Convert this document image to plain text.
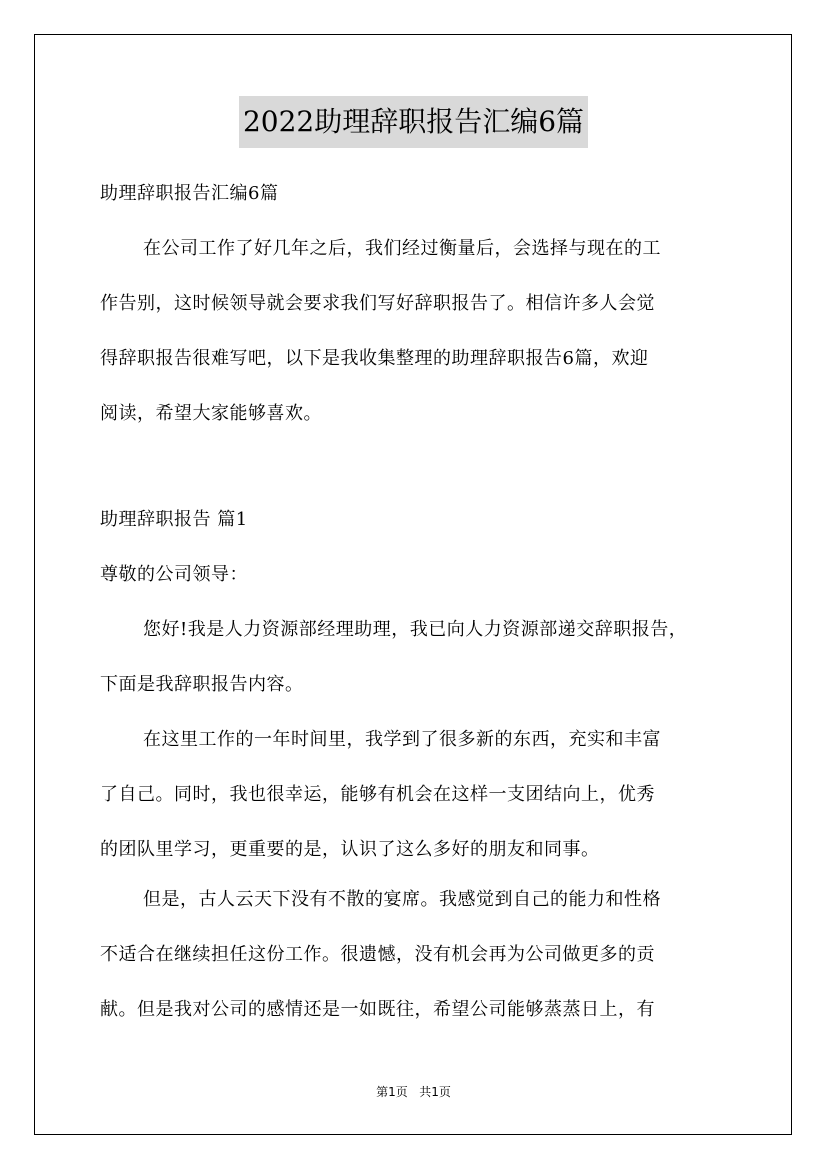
2022助理辞职报告汇编6篇
助理辞职报告汇编6篇
在公司工作了好几年之后，我们经过衡量后，会选择与现在的工
作告别，这时候领导就会要求我们写好辞职报告了。相信许多人会觉
得辞职报告很难写吧，以下是我收集整理的助理辞职报告6篇，欢迎
阅读，希望大家能够喜欢。
助理辞职报告 篇1
尊敬的公司领导：
您好!我是人力资源部经理助理，我已向人力资源部递交辞职报告，
下面是我辞职报告内容。
在这里工作的一年时间里，我学到了很多新的东西，充实和丰富
了自己。同时，我也很幸运，能够有机会在这样一支团结向上，优秀
的团队里学习，更重要的是，认识了这么多好的朋友和同事。
但是，古人云天下没有不散的宴席。我感觉到自己的能力和性格
不适合在继续担任这份工作。很遗憾，没有机会再为公司做更多的贡
献。但是我对公司的感情还是一如既往，希望公司能够蒸蒸日上，有
第1页 共1页
